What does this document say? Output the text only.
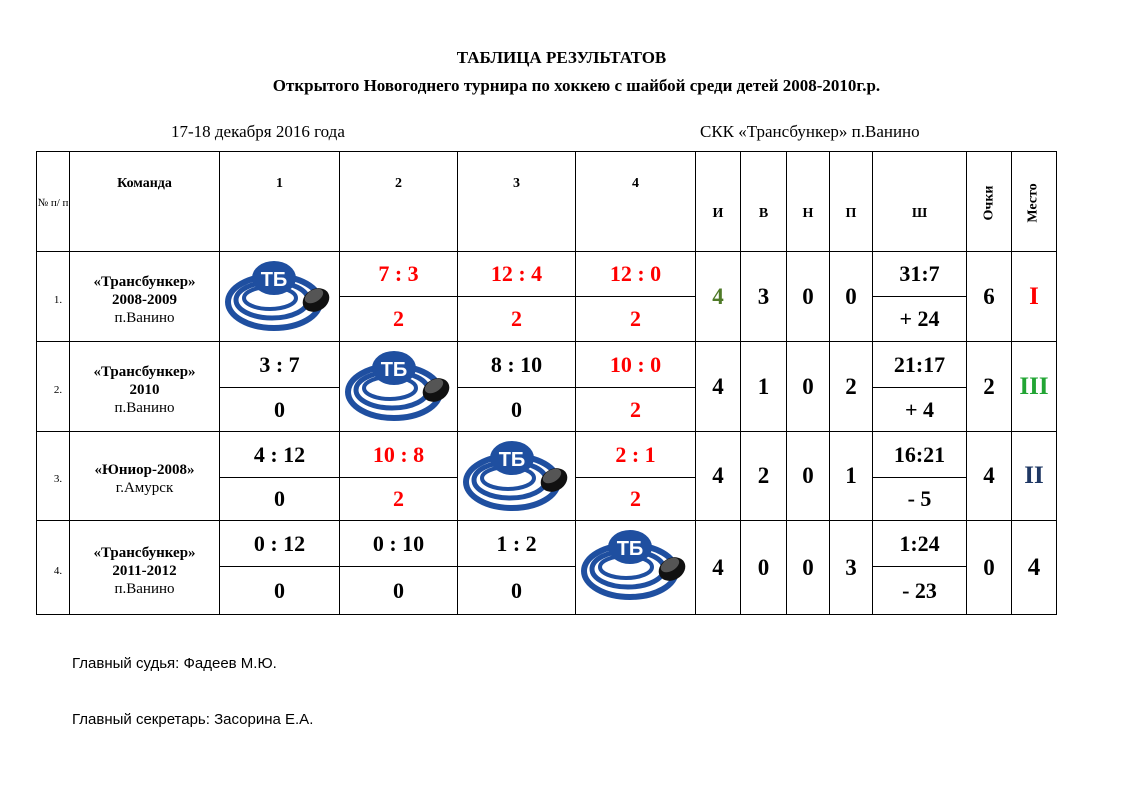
ТАБЛИЦА РЕЗУЛЬТАТОВ
Открытого Новогоднего турнира по хоккею с шайбой среди детей 2008-2010г.р.
17-18 декабря 2016 года	СКК «Трансбункер» п.Ванино
№ п/ п	Команда	1	2	3	4	И	В	Н	П	Ш	Очки	Место
1.	«Трансбункер»
2008-2009
п.Ванино	ТБ	7 : 3	12 : 4	12 : 0	4	3	0	0	31:7	6	I
			2	2	2					+ 24		
2.	«Трансбункер»
2010
п.Ванино	3 : 7	ТБ	8 : 10	10 : 0	4	1	0	2	21:17	2	III
		0		0	2					+ 4		
3.	«Юниор-2008»
г.Амурск	4 : 12	10 : 8	ТБ	2 : 1	4	2	0	1	16:21	4	II
		0	2		2					- 5		
4.	«Трансбункер»
2011-2012
п.Ванино	0 : 12	0 : 10	1 : 2	ТБ	4	0	0	3	1:24	0	4
		0	0	0						- 23		
Главный судья: Фадеев М.Ю.
Главный секретарь: Засорина Е.А.
